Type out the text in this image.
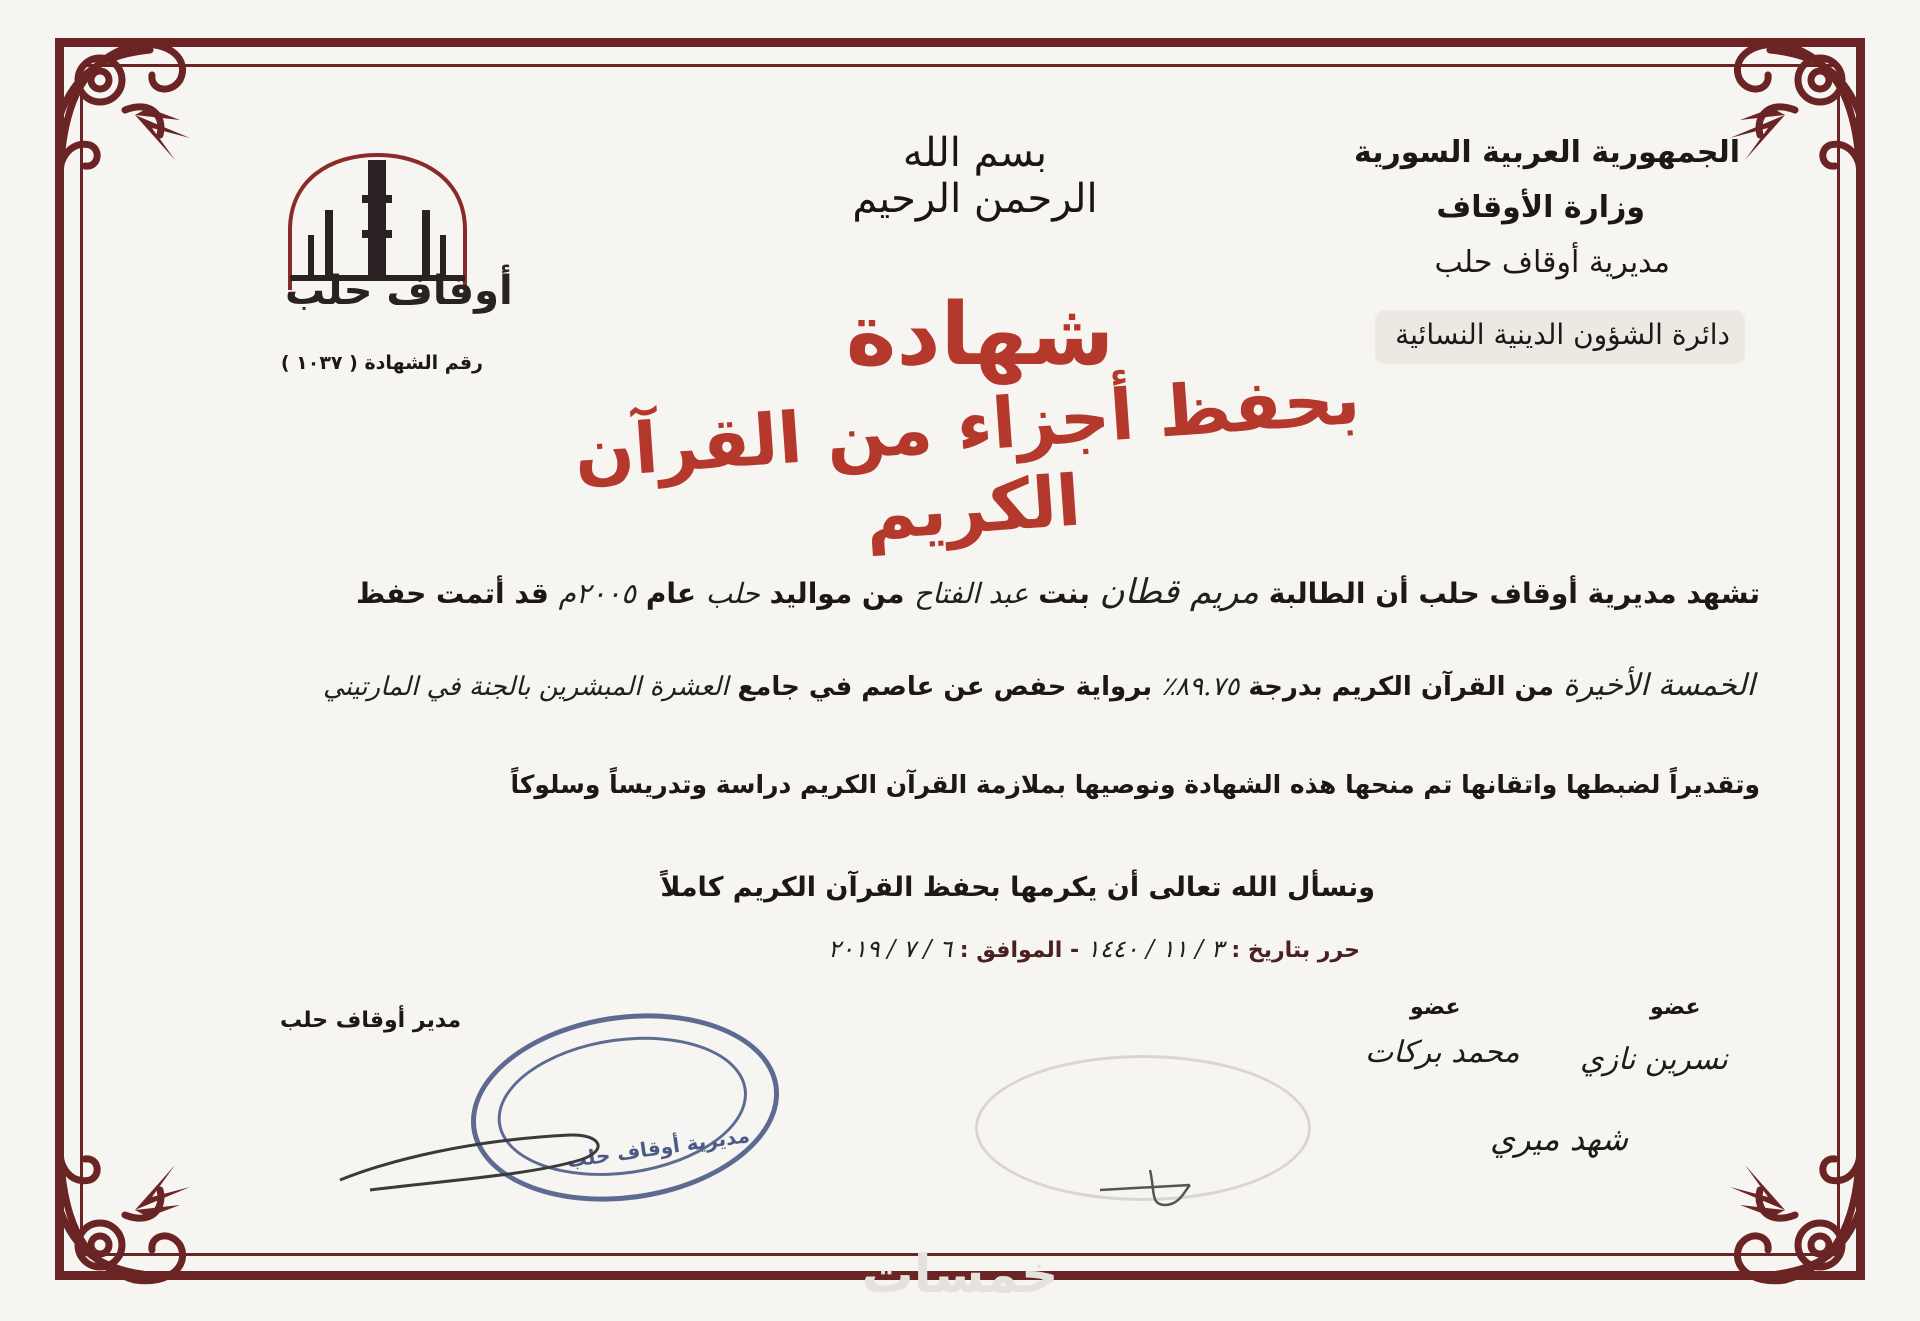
الجمهورية العربية السورية
وزارة الأوقاف
مديرية أوقاف حلب
دائرة الشؤون الدينية النسائية
أوقاف حلب
رقم الشهادة ( ١٠٣٧ )
بسم الله الرحمن الرحيم
شهادة
بحفظ أجزاء من القرآن الكريم
تشهد مديرية أوقاف حلب أن الطالبة مريم قطان بنت عبد الفتاح من مواليد حلب عام ٢٠٠٥م قد أتمت حفظ
الخمسة الأخيرة من القرآن الكريم بدرجة ٨٩.٧٥٪ برواية حفص عن عاصم في جامع العشرة المبشرين بالجنة في المارتيني
وتقديراً لضبطها واتقانها تم منحها هذه الشهادة ونوصيها بملازمة القرآن الكريم دراسة وتدريساً وسلوكاً
ونسأل الله تعالى أن يكرمها بحفظ القرآن الكريم كاملاً
حرر بتاريخ : ٣ / ١١ / ١٤٤٠ - الموافق : ٦ / ٧ / ٢٠١٩
مدير أوقاف حلب
عضو
محمد بركات
عضو
نسرين نازي
شهد ميري
مديرية أوقاف حلب
خمسات
